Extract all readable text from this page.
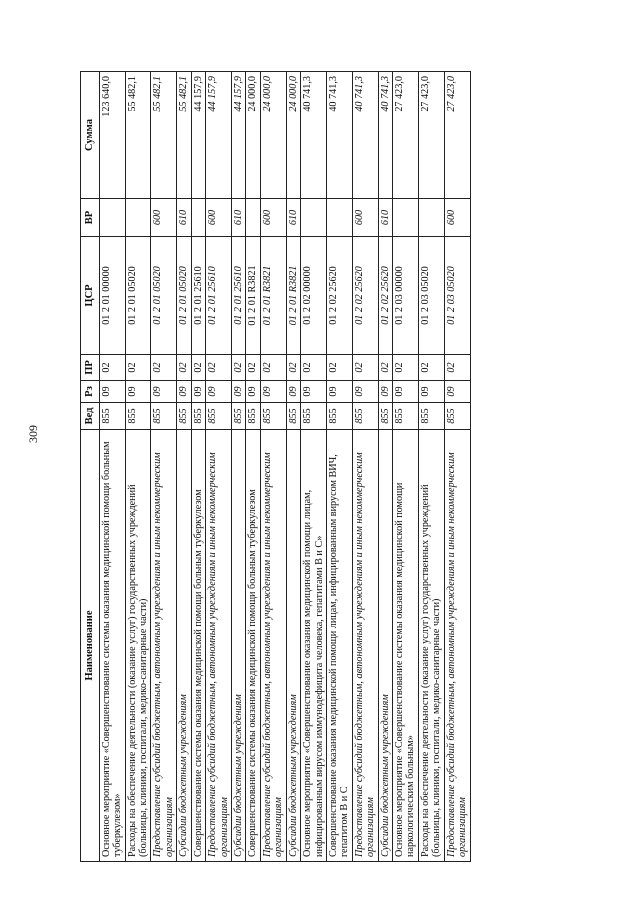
309
Наименование	Вед	Рз	ПР	ЦСР	ВР	Сумма
Основное мероприятие «Совершенствование системы оказания медицинской помощи больным туберкулезом»	855	09	02	01 2 01 00000		123 640,0
Расходы на обеспечение деятельности (оказание услуг) государственных учреждений (больницы, клиники, госпитали, медико-санитарные части)	855	09	02	01 2 01 05020		55 482,1
Предоставление субсидий бюджетным, автономным учреждениям и иным некоммерческим организациям	855	09	02	01 2 01 05020	600	55 482,1
Субсидии бюджетным учреждениям	855	09	02	01 2 01 05020	610	55 482,1
Совершенствование системы оказания медицинской помощи больным туберкулезом	855	09	02	01 2 01 25610		44 157,9
Предоставление субсидий бюджетным, автономным учреждениям и иным некоммерческим организациям	855	09	02	01 2 01 25610	600	44 157,9
Субсидии бюджетным учреждениям	855	09	02	01 2 01 25610	610	44 157,9
Совершенствование системы оказания медицинской помощи больным туберкулезом	855	09	02	01 2 01 R3821		24 000,0
Предоставление субсидий бюджетным, автономным учреждениям и иным некоммерческим организациям	855	09	02	01 2 01 R3821	600	24 000,0
Субсидии бюджетным учреждениям	855	09	02	01 2 01 R3821	610	24 000,0
Основное мероприятие «Совершенствование оказания медицинской помощи лицам, инфицированным вирусом иммунодефицита человека, гепатитами В и С»	855	09	02	01 2 02 00000		40 741,3
Совершенствование оказания медицинской помощи лицам, инфицированным вирусом ВИЧ, гепатитом В и С	855	09	02	01 2 02 25620		40 741,3
Предоставление субсидий бюджетным, автономным учреждениям и иным некоммерческим организациям	855	09	02	01 2 02 25620	600	40 741,3
Субсидии бюджетным учреждениям	855	09	02	01 2 02 25620	610	40 741,3
Основное мероприятие «Совершенствование системы оказания медицинской помощи наркологическим больным»	855	09	02	01 2 03 00000		27 423,0
Расходы на обеспечение деятельности (оказание услуг) государственных учреждений (больницы, клиники, госпитали, медико-санитарные части)	855	09	02	01 2 03 05020		27 423,0
Предоставление субсидий бюджетным, автономным учреждениям и иным некоммерческим организациям	855	09	02	01 2 03 05020	600	27 423,0
